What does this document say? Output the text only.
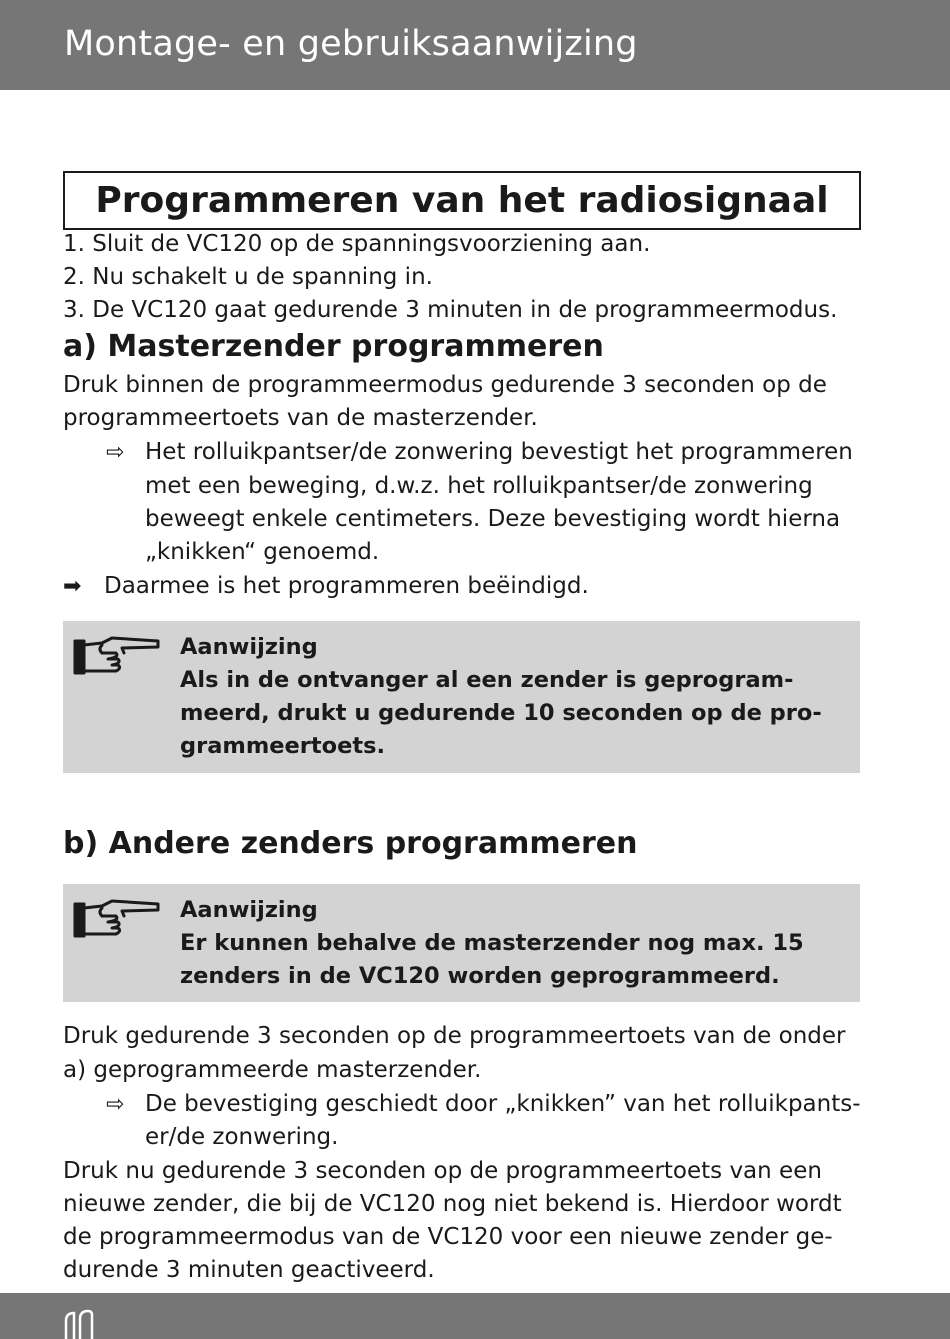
Montage- en gebruiksaanwijzing
Programmeren van het radiosignaal
1. Sluit de VC120 op de spanningsvoorziening aan.
2. Nu schakelt u de spanning in.
3. De VC120 gaat gedurende 3 minuten in de programmeermodus.
a) Masterzender programmeren
Druk binnen de programmeermodus gedurende 3 seconden op de
programmeertoets van de masterzender.
⇨ Het rolluikpantser/de zonwering bevestigt het programmeren
met een beweging, d.w.z. het rolluikpantser/de zonwering
beweegt enkele centimeters. Deze bevestiging wordt hierna
„knikken“ genoemd.
➡ Daarmee is het programmeren beëindigd.
Aanwijzing
Als in de ontvanger al een zender is geprogram-
meerd, drukt u gedurende 10 seconden op de pro-
grammeertoets.
b) Andere zenders programmeren
Aanwijzing
Er kunnen behalve de masterzender nog max. 15
zenders in de VC120 worden geprogrammeerd.
Druk gedurende 3 seconden op de programmeertoets van de onder
a) geprogrammeerde masterzender.
⇨ De bevestiging geschiedt door „knikken” van het rolluikpants-
er/de zonwering.
Druk nu gedurende 3 seconden op de programmeertoets van een
nieuwe zender, die bij de VC120 nog niet bekend is. Hierdoor wordt
de programmeermodus van de VC120 voor een nieuwe zender ge-
durende 3 minuten geactiveerd.
